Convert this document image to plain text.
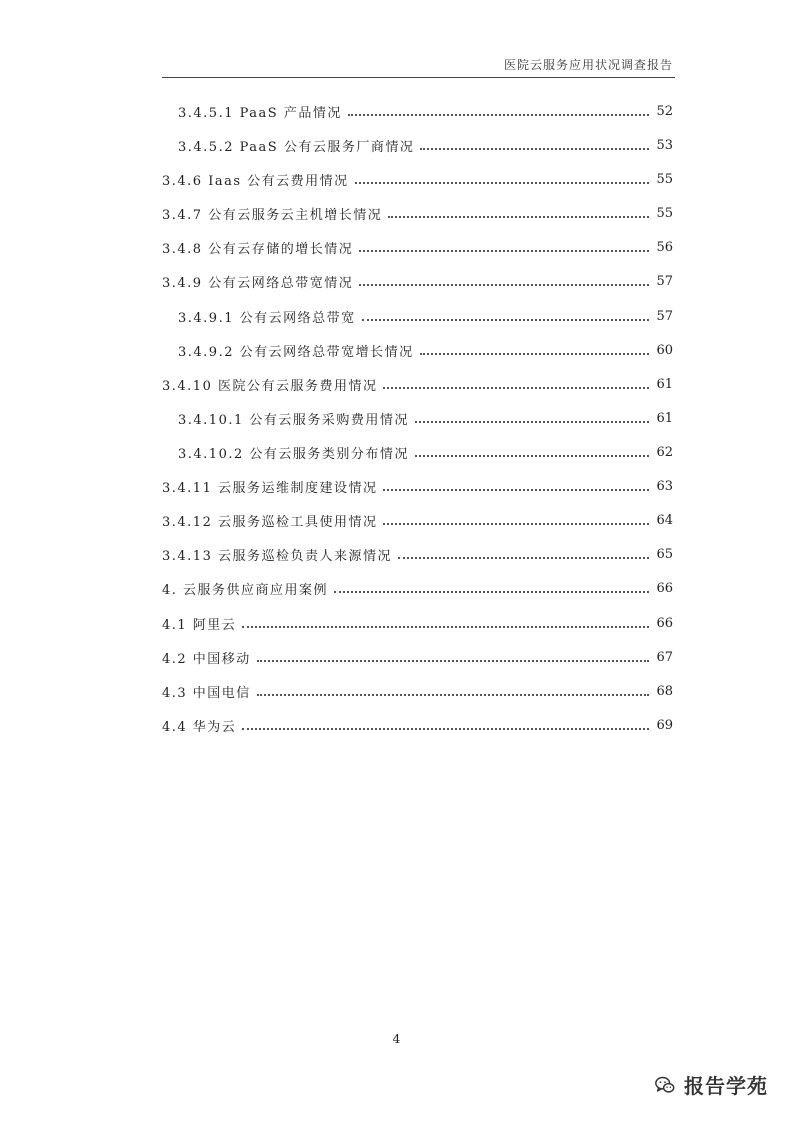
医院云服务应用状况调查报告
3.4.5.1 PaaS 产品情况	52
3.4.5.2 PaaS 公有云服务厂商情况	53
3.4.6 Iaas 公有云费用情况	55
3.4.7 公有云服务云主机增长情况	55
3.4.8 公有云存储的增长情况	56
3.4.9 公有云网络总带宽情况	57
3.4.9.1 公有云网络总带宽	57
3.4.9.2 公有云网络总带宽增长情况	60
3.4.10 医院公有云服务费用情况	61
3.4.10.1 公有云服务采购费用情况	61
3.4.10.2 公有云服务类别分布情况	62
3.4.11 云服务运维制度建设情况	63
3.4.12 云服务巡检工具使用情况	64
3.4.13 云服务巡检负责人来源情况	65
4. 云服务供应商应用案例	66
4.1 阿里云	66
4.2 中国移动	67
4.3 中国电信	68
4.4 华为云	69
4
报告学苑
